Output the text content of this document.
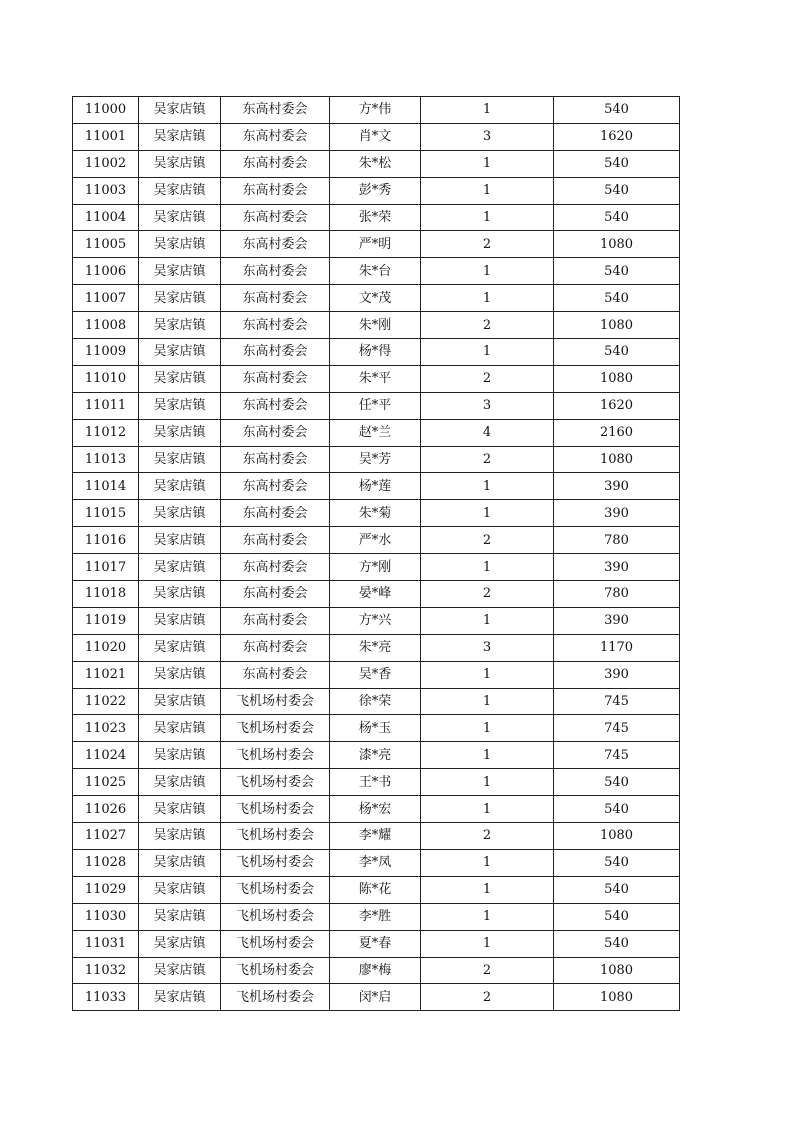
11000	吴家店镇	东高村委会	方*伟	1	540
11001	吴家店镇	东高村委会	肖*文	3	1620
11002	吴家店镇	东高村委会	朱*松	1	540
11003	吴家店镇	东高村委会	彭*秀	1	540
11004	吴家店镇	东高村委会	张*荣	1	540
11005	吴家店镇	东高村委会	严*明	2	1080
11006	吴家店镇	东高村委会	朱*台	1	540
11007	吴家店镇	东高村委会	文*茂	1	540
11008	吴家店镇	东高村委会	朱*刚	2	1080
11009	吴家店镇	东高村委会	杨*得	1	540
11010	吴家店镇	东高村委会	朱*平	2	1080
11011	吴家店镇	东高村委会	任*平	3	1620
11012	吴家店镇	东高村委会	赵*兰	4	2160
11013	吴家店镇	东高村委会	吴*芳	2	1080
11014	吴家店镇	东高村委会	杨*莲	1	390
11015	吴家店镇	东高村委会	朱*菊	1	390
11016	吴家店镇	东高村委会	严*水	2	780
11017	吴家店镇	东高村委会	方*刚	1	390
11018	吴家店镇	东高村委会	晏*峰	2	780
11019	吴家店镇	东高村委会	方*兴	1	390
11020	吴家店镇	东高村委会	朱*亮	3	1170
11021	吴家店镇	东高村委会	吴*香	1	390
11022	吴家店镇	飞机场村委会	徐*荣	1	745
11023	吴家店镇	飞机场村委会	杨*玉	1	745
11024	吴家店镇	飞机场村委会	漆*亮	1	745
11025	吴家店镇	飞机场村委会	王*书	1	540
11026	吴家店镇	飞机场村委会	杨*宏	1	540
11027	吴家店镇	飞机场村委会	李*耀	2	1080
11028	吴家店镇	飞机场村委会	李*凤	1	540
11029	吴家店镇	飞机场村委会	陈*花	1	540
11030	吴家店镇	飞机场村委会	李*胜	1	540
11031	吴家店镇	飞机场村委会	夏*春	1	540
11032	吴家店镇	飞机场村委会	廖*梅	2	1080
11033	吴家店镇	飞机场村委会	闵*启	2	1080
